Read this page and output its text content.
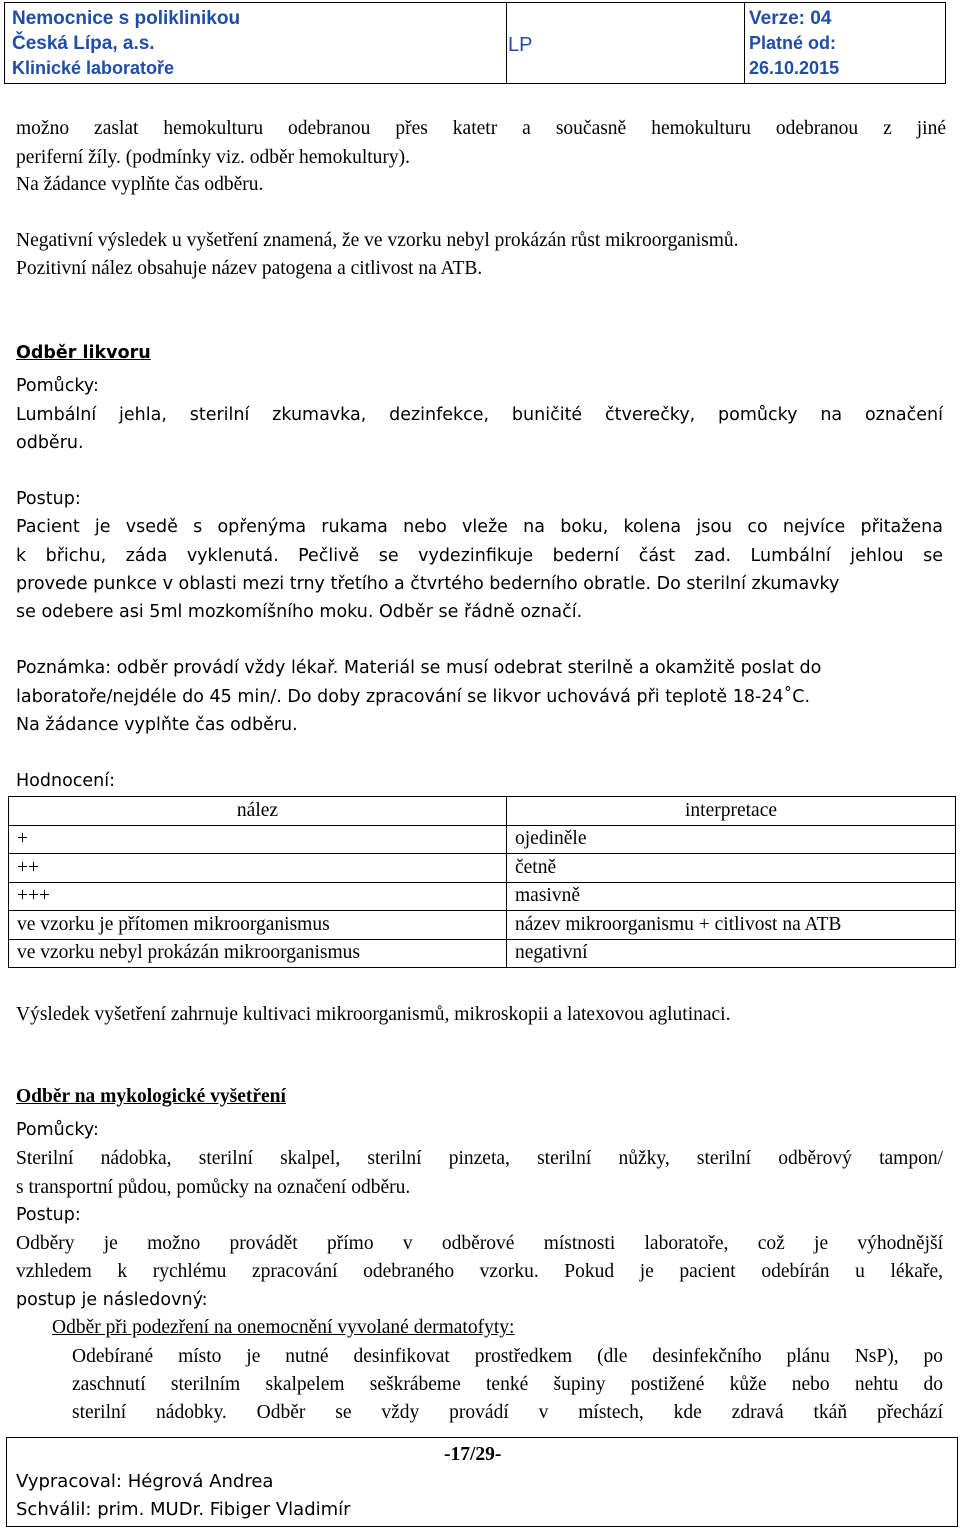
Nemocnice s poliklinikou
Česká Lípa, a.s.
Klinické laboratoře
LP
Verze: 04
Platné od:
26.10.2015
možno zaslat hemokulturu odebranou přes katetr a současně hemokulturu odebranou z jiné
periferní žíly. (podmínky viz. odběr hemokultury).
Na žádance vyplňte čas odběru.
Negativní výsledek u vyšetření znamená, že ve vzorku nebyl prokázán růst mikroorganismů.
Pozitivní nález obsahuje název patogena a citlivost na ATB.
Odběr likvoru
Pomůcky:
Lumbální jehla, sterilní zkumavka, dezinfekce, buničité čtverečky, pomůcky na označení
odběru.
Postup:
Pacient je vsedě s opřenýma rukama nebo vleže na boku, kolena jsou co nejvíce přitažena
k břichu, záda vyklenutá. Pečlivě se vydezinfikuje bederní část zad. Lumbální jehlou se
provede punkce v oblasti mezi trny třetího a čtvrtého bederního obratle. Do sterilní zkumavky
se odebere asi 5ml mozkomíšního moku. Odběr se řádně označí.
Poznámka: odběr provádí vždy lékař. Materiál se musí odebrat sterilně a okamžitě poslat do
laboratoře/nejdéle do 45 min/. Do doby zpracování se likvor uchovává při teplotě 18-24˚C.
Na žádance vyplňte čas odběru.
Hodnocení:
nález	interpretace
+	ojediněle
++	četně
+++	masivně
ve vzorku je přítomen mikroorganismus	název mikroorganismu + citlivost na ATB
ve vzorku nebyl prokázán mikroorganismus	negativní
Výsledek vyšetření zahrnuje kultivaci mikroorganismů, mikroskopii a latexovou aglutinaci.
Odběr na mykologické vyšetření
Pomůcky:
Sterilní nádobka, sterilní skalpel, sterilní pinzeta, sterilní nůžky, sterilní odběrový tampon/
s transportní půdou, pomůcky na označení odběru.
Postup:
Odběry je možno provádět přímo v odběrové místnosti laboratoře, což je výhodnější
vzhledem k rychlému zpracování odebraného vzorku. Pokud je pacient odebírán u lékaře,
postup je následovný:
Odběr při podezření na onemocnění vyvolané dermatofyty:
Odebírané místo je nutné desinfikovat prostředkem (dle desinfekčního plánu NsP), po
zaschnutí sterilním skalpelem seškrábeme tenké šupiny postižené kůže nebo nehtu do
sterilní nádobky. Odběr se vždy provádí v místech, kde zdravá tkáň přechází
-17/29-
Vypracoval: Hégrová Andrea
Schválil: prim. MUDr. Fibiger Vladimír
